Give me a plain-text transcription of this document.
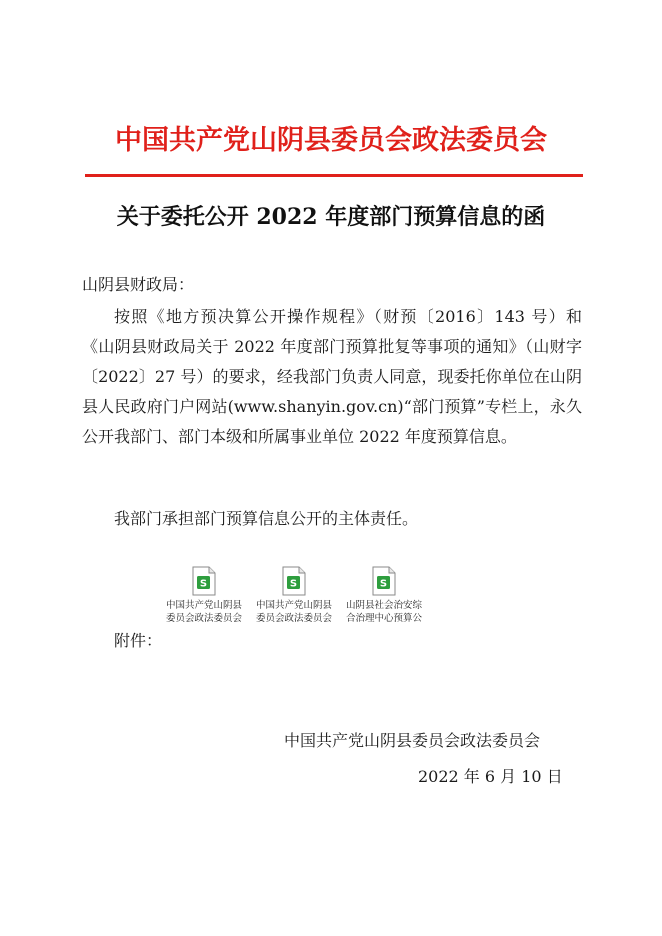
中国共产党山阴县委员会政法委员会
关于委托公开 2022 年度部门预算信息的函
山阴县财政局：

按照《地方预决算公开操作规程》（财预〔2016〕143 号）和《山阴县财政局关于 2022 年度部门预算批复等事项的通知》（山财字〔2022〕27 号）的要求，经我部门负责人同意，现委托你单位在山阴县人民政府门户网站(www.shanyin.gov.cn)“部门预算”专栏上，永久公开我部门、部门本级和所属事业单位 2022 年度预算信息。

我部门承担部门预算信息公开的主体责任。

S
中国共产党山阴县
委员会政法委员会
S
中国共产党山阴县
委员会政法委员会
S
山阴县社会治安综
合治理中心预算公
附件：
中国共产党山阴县委员会政法委员会
2022 年 6 月 10 日
